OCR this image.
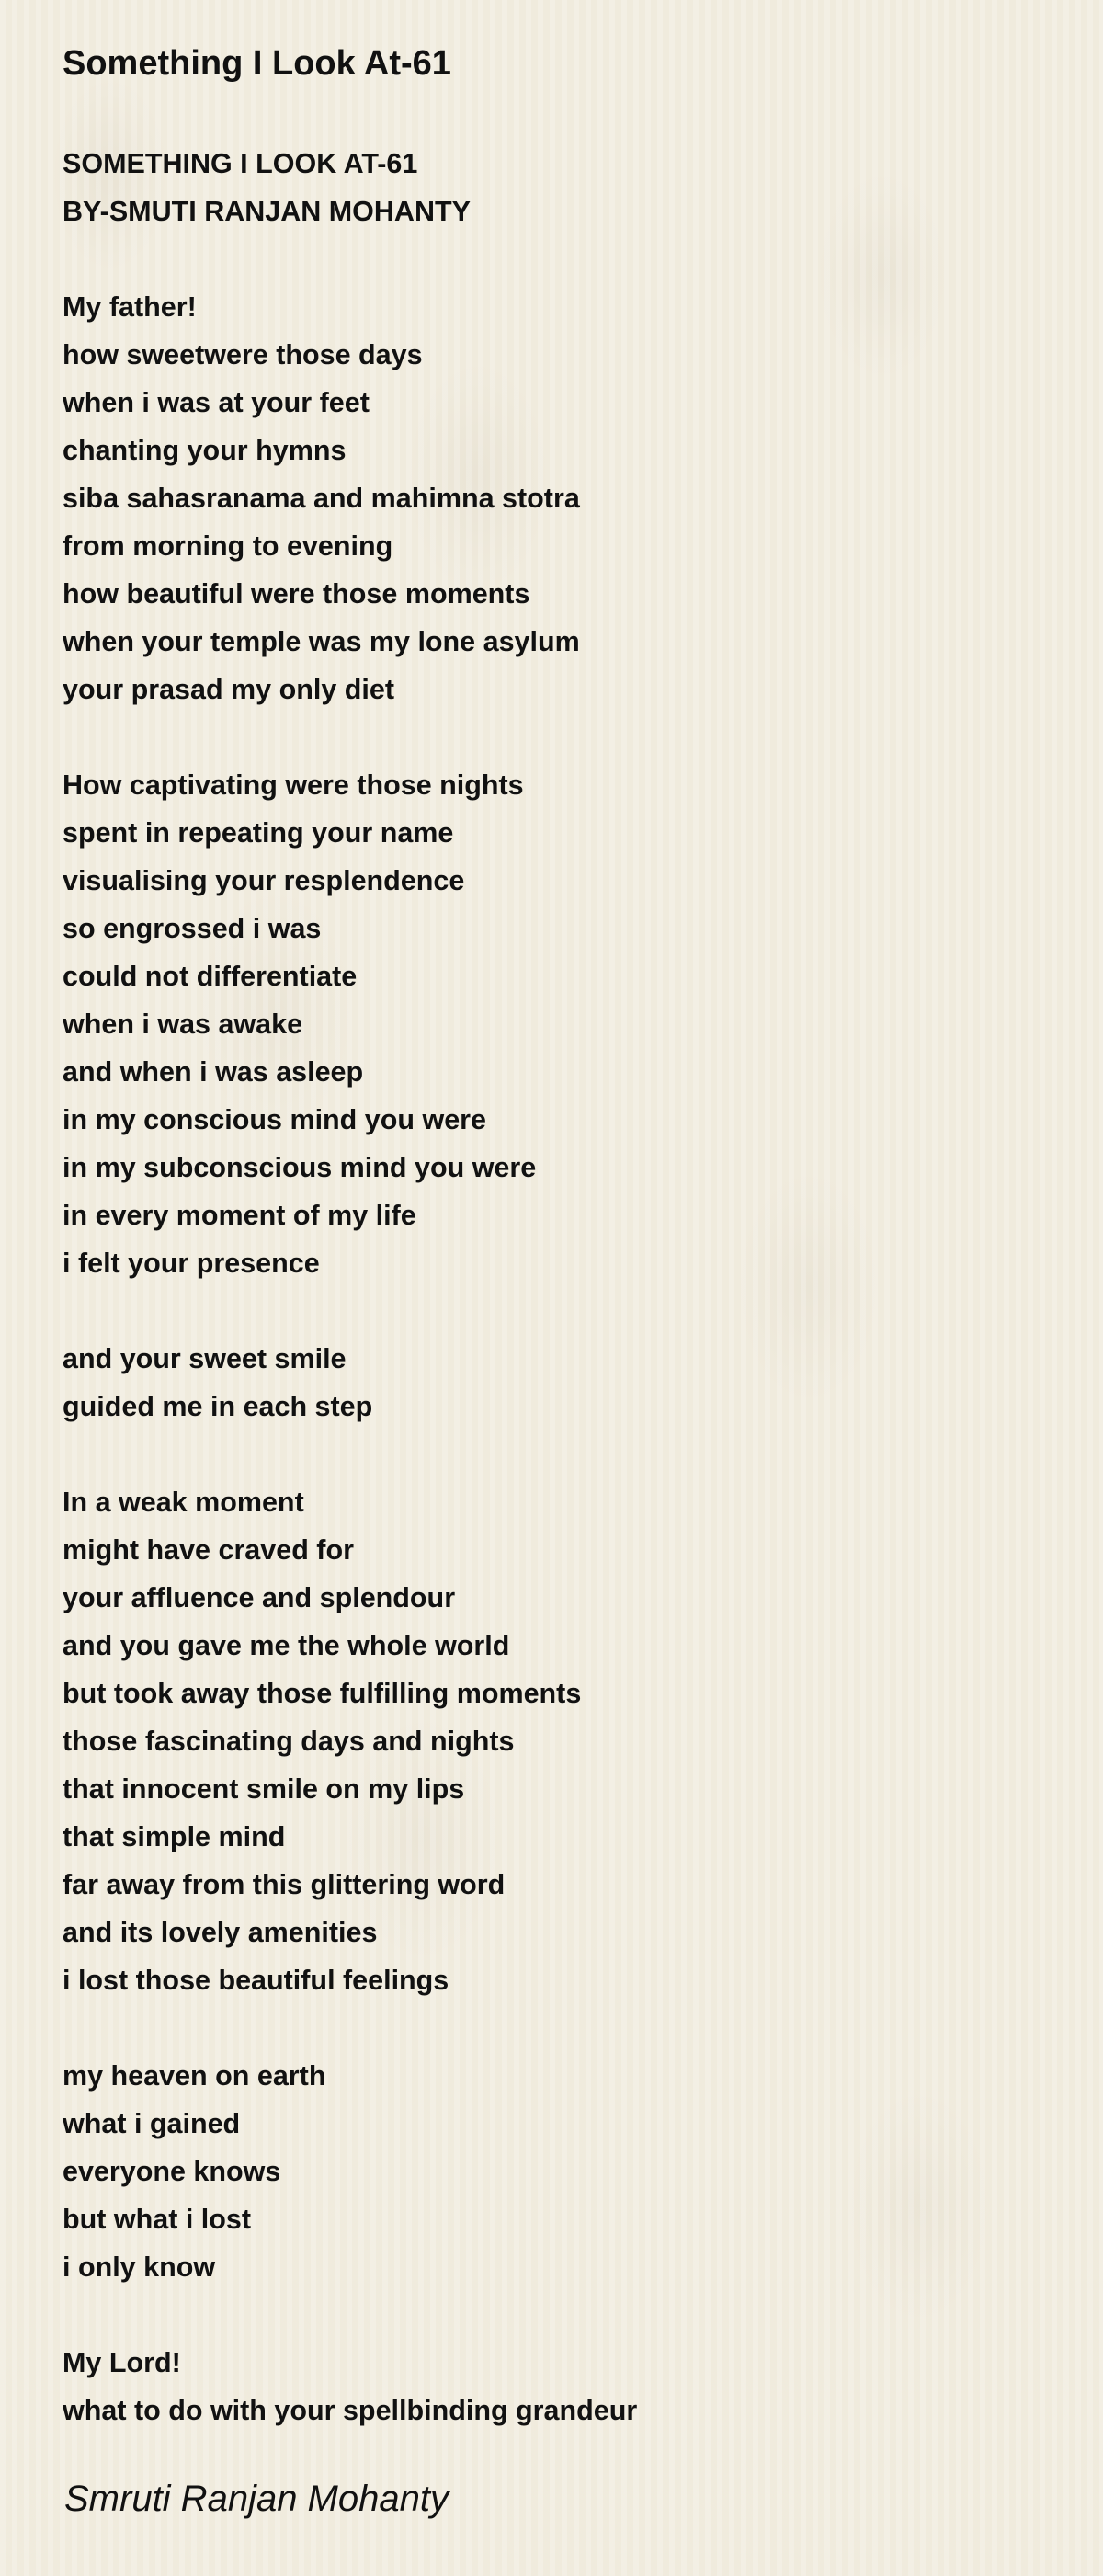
Something I Look At-61
SOMETHING I LOOK AT-61
BY-SMUTI RANJAN MOHANTY
My father!
how sweetwere those days
when i was at your feet
chanting your hymns
siba sahasranama and mahimna stotra
from morning to evening
how beautiful were those moments
when your temple was my lone asylum
your prasad my only diet
How captivating were those nights
spent in repeating your name
visualising your resplendence
so engrossed i was
could not differentiate
when i was awake
and when i was asleep
in my conscious mind you were
in my subconscious mind you were
in every moment of my life
i felt your presence
and your sweet smile
guided me in each step
In a weak moment
might have craved for
your affluence and splendour
and you gave me the whole world
but took away those fulfilling moments
those fascinating days and nights
that innocent smile on my lips
that simple mind
far away from this glittering word
and its lovely amenities
i lost those beautiful feelings
my heaven on earth
what i gained
everyone knows
but what i lost
i only know
My Lord!
what to do with your spellbinding grandeur

Smruti Ranjan Mohanty
